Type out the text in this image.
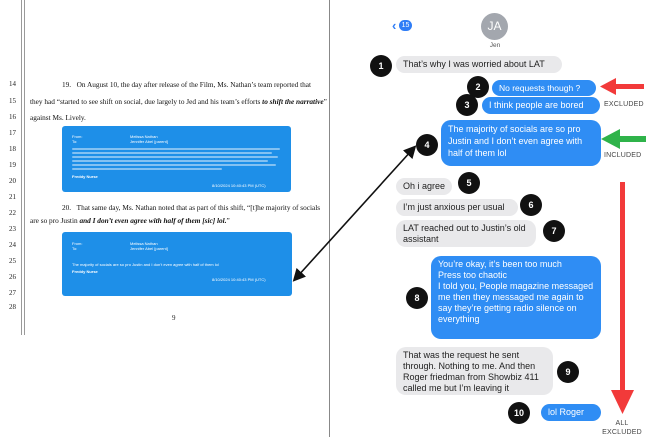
14
15
16
17
18
19
20
21
22
23
24
25
26
27
28
19. On August 10, the day after release of the Film, Ms. Nathan’s team reported that
they had “started to see shift on social, due largely to Jed and his team’s efforts to shift the narrative”
against Ms. Lively.
From:	Melissa Nathan
To:	Jennifer Abel [parent]
Freddy Nurse
8/10/2024 10:40:43 PM (UTC)
20. That same day, Ms. Nathan noted that as part of this shift, “[t]he majority of socials
are so pro Justin and I don’t even agree with half of them [sic] lol.”
From:	Melissa Nathan
To:	Jennifer Abel [parent]
The majority of socials are so pro Justin and I don’t even agree with half of them lol
Freddy Nurse
8/10/2024 10:40:43 PM (UTC)
9
‹ 15	JA
Jen
That’s why I was worried about LAT
No requests though ?
I think people are bored
The majority of socials are so pro Justin and I don’t even agree with half of them lol
Oh i agree
I’m just anxious per usual
LAT reached out to Justin’s old assistant
You’re okay, it’s been too much
Press too chaotic
I told you, People magazine messaged me then they messaged me again to say they’re getting radio silence on everything
That was the request he sent through. Nothing to me. And then Roger friedman from Showbiz 411 called me but I’m leaving it
lol Roger
1
2
3
4
5
6
7
8
9
10
EXCLUDED
INCLUDED
ALL
EXCLUDED
